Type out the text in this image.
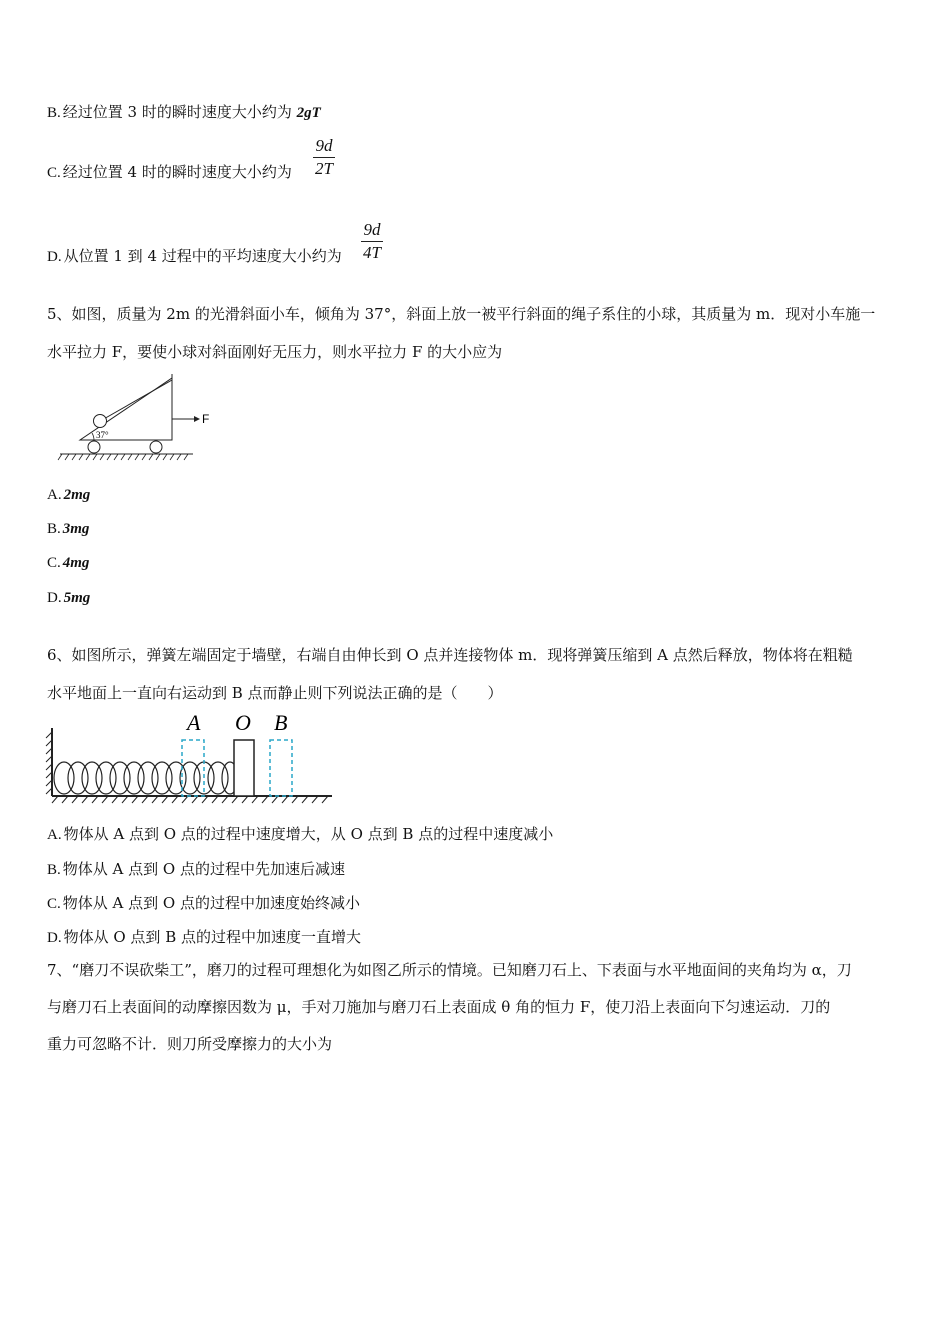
B. 经过位置 3 时的瞬时速度大小约为 2gT
C. 经过位置 4 时的瞬时速度大小约为 $\frac{9d}{2T}$
D. 从位置 1 到 4 过程中的平均速度大小约为 $\frac{9d}{4T}$
5、如图，质量为 2m 的光滑斜面小车，倾角为 37°，斜面上放一被平行斜面的绳子系住的小球，其质量为 m．现对小车施一
水平拉力 F，要使小球对斜面刚好无压力，则水平拉力 F 的大小应为
37°
F
A. 2mg
B. 3mg
C. 4mg
D. 5mg
6、如图所示，弹簧左端固定于墙壁，右端自由伸长到 O 点并连接物体 m．现将弹簧压缩到 A 点然后释放，物体将在粗糙
水平地面上一直向右运动到 B 点而静止则下列说法正确的是（　　）
A O B
A. 物体从 A 点到 O 点的过程中速度增大，从 O 点到 B 点的过程中速度减小
B. 物体从 A 点到 O 点的过程中先加速后减速
C. 物体从 A 点到 O 点的过程中加速度始终减小
D. 物体从 O 点到 B 点的过程中加速度一直增大
7、“磨刀不误砍柴工”，磨刀的过程可理想化为如图乙所示的情境。已知磨刀石上、下表面与水平地面间的夹角均为 α，刀
与磨刀石上表面间的动摩擦因数为 μ，手对刀施加与磨刀石上表面成 θ 角的恒力 F，使刀沿上表面向下匀速运动．刀的
重力可忽略不计．则刀所受摩擦力的大小为
